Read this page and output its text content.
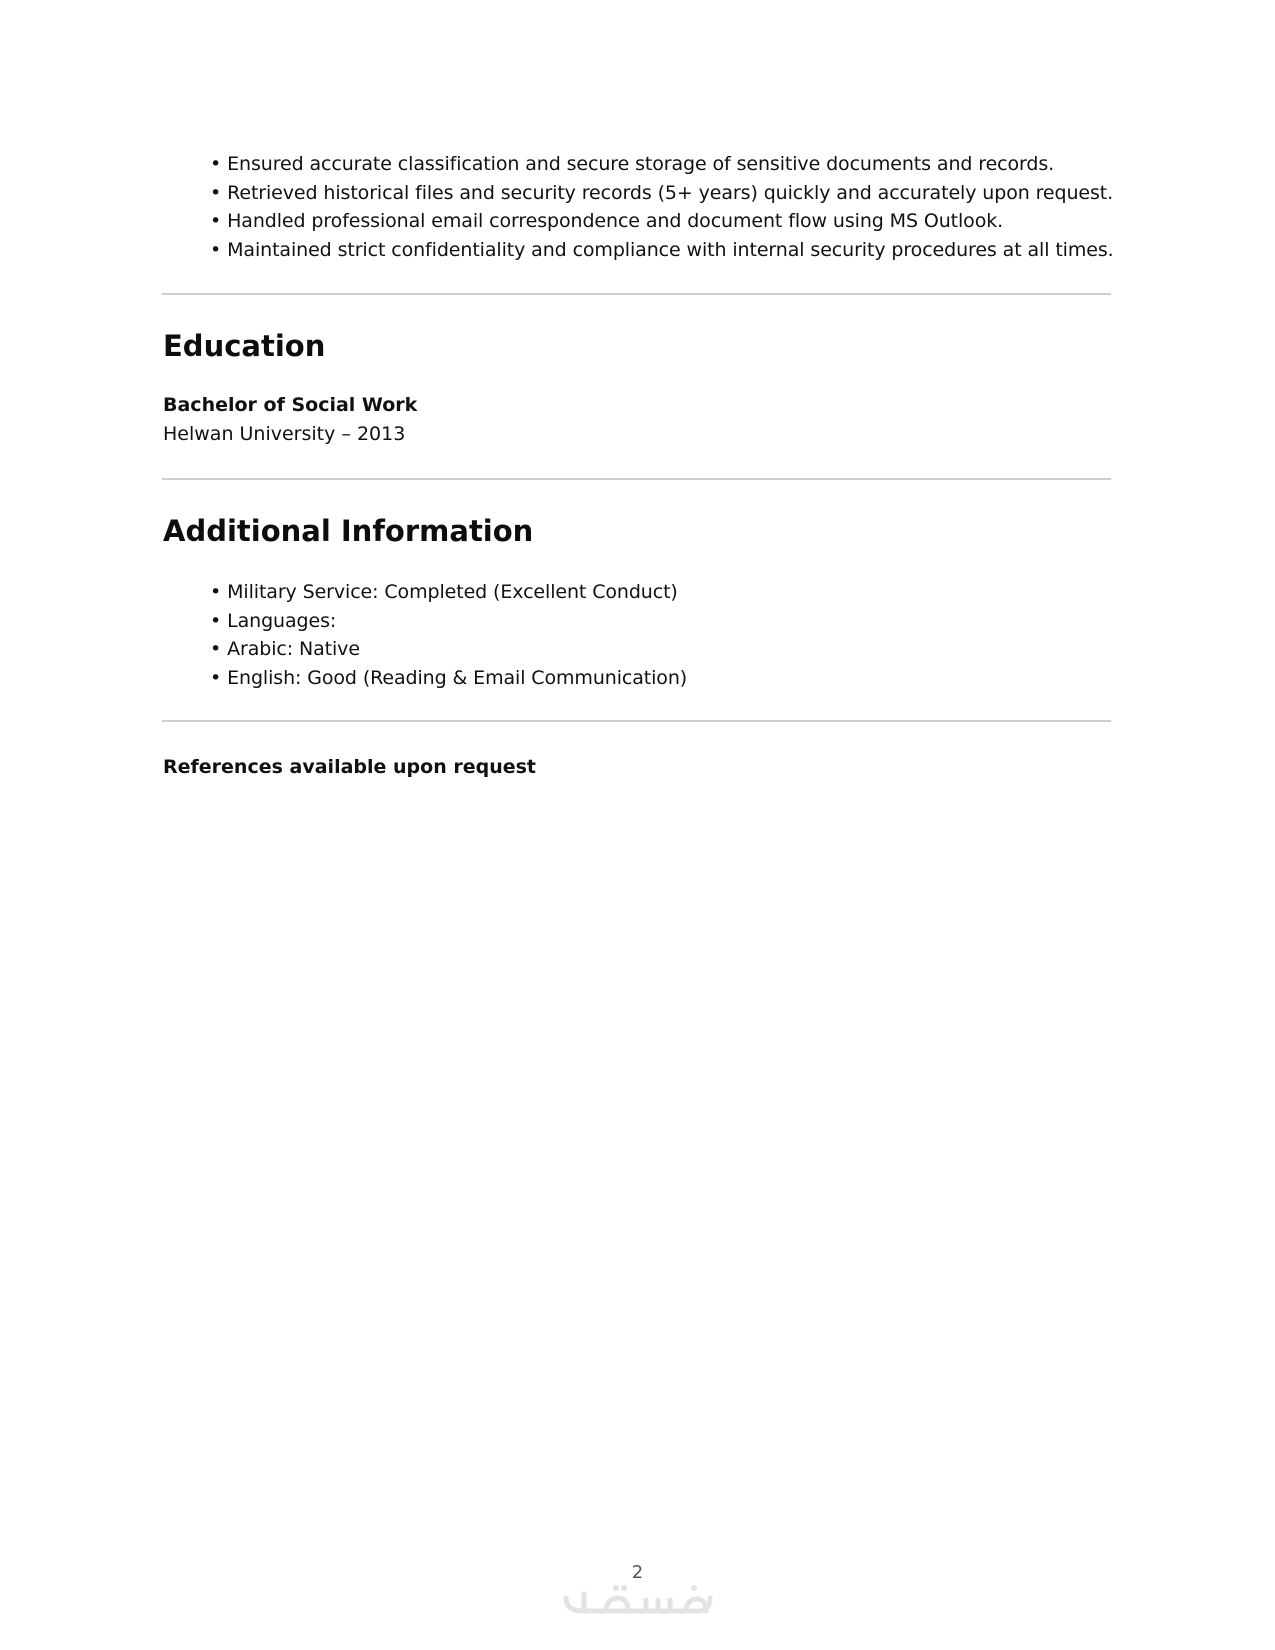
• Ensured accurate classification and secure storage of sensitive documents and records.
• Retrieved historical files and security records (5+ years) quickly and accurately upon request.
• Handled professional email correspondence and document flow using MS Outlook.
• Maintained strict confidentiality and compliance with internal security procedures at all times.
Education
Bachelor of Social Work
Helwan University – 2013
Additional Information
• Military Service: Completed (Excellent Conduct)
• Languages:
• Arabic: Native
• English: Good (Reading & Email Communication)
References available upon request
2
